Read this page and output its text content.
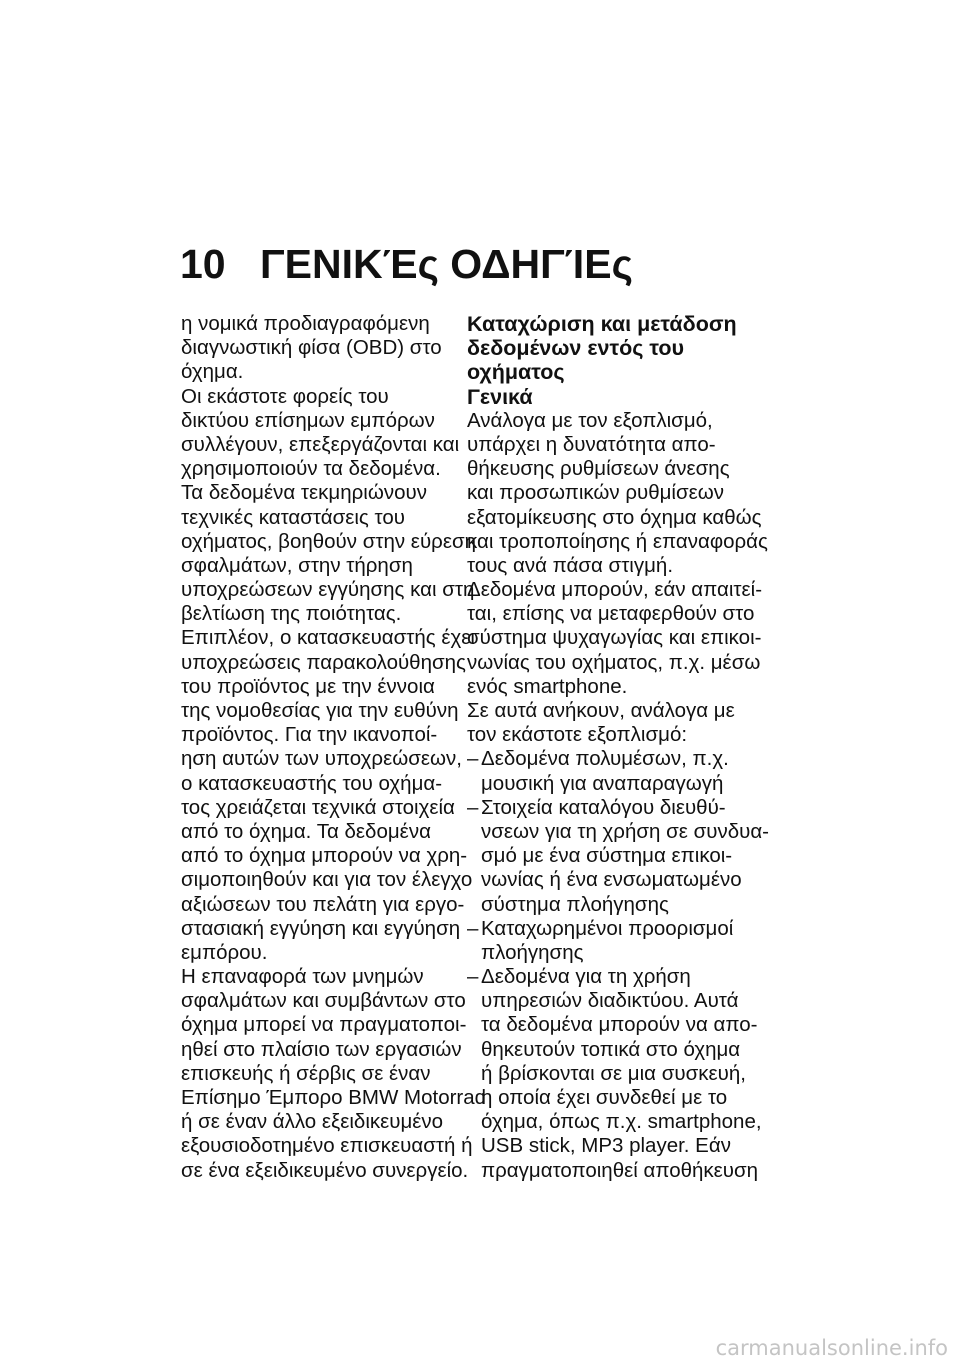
10 ΓΕΝΙΚΈς ΟΔΗΓΊΕς
η νομικά προδιαγραφόμενη
διαγνωστική φίσα (OBD) στο
όχημα.
Οι εκάστοτε φορείς του
δικτύου επίσημων εμπόρων
συλλέγουν, επεξεργάζονται και
χρησιμοποιούν τα δεδομένα.
Τα δεδομένα τεκμηριώνουν
τεχνικές καταστάσεις του
οχήματος, βοηθούν στην εύρεση
σφαλμάτων, στην τήρηση
υποχρεώσεων εγγύησης και στη
βελτίωση της ποιότητας.
Επιπλέον, ο κατασκευαστής έχει
υποχρεώσεις παρακολούθησης
του προϊόντος με την έννοια
της νομοθεσίας για την ευθύνη
προϊόντος. Για την ικανοποί-
ηση αυτών των υποχρεώσεων,
ο κατασκευαστής του οχήμα-
τος χρειάζεται τεχνικά στοιχεία
από το όχημα. Τα δεδομένα
από το όχημα μπορούν να χρη-
σιμοποιηθούν και για τον έλεγχο
αξιώσεων του πελάτη για εργο-
στασιακή εγγύηση και εγγύηση
εμπόρου.
Η επαναφορά των μνημών
σφαλμάτων και συμβάντων στο
όχημα μπορεί να πραγματοποι-
ηθεί στο πλαίσιο των εργασιών
επισκευής ή σέρβις σε έναν
Επίσημο Έμπορο BMW Motorrad
ή σε έναν άλλο εξειδικευμένο
εξουσιοδοτημένο επισκευαστή ή
σε ένα εξειδικευμένο συνεργείο.
Καταχώριση και μετάδοση
δεδομένων εντός του
οχήματος
Γενικά
Ανάλογα με τον εξοπλισμό,
υπάρχει η δυνατότητα απο-
θήκευσης ρυθμίσεων άνεσης
και προσωπικών ρυθμίσεων
εξατομίκευσης στο όχημα καθώς
και τροποποίησης ή επαναφοράς
τους ανά πάσα στιγμή.
Δεδομένα μπορούν, εάν απαιτεί-
ται, επίσης να μεταφερθούν στο
σύστημα ψυχαγωγίας και επικοι-
νωνίας του οχήματος, π.χ. μέσω
ενός smartphone.
Σε αυτά ανήκουν, ανάλογα με
τον εκάστοτε εξοπλισμό:
– Δεδομένα πολυμέσων, π.χ.
μουσική για αναπαραγωγή
– Στοιχεία καταλόγου διευθύ-
νσεων για τη χρήση σε συνδυα-
σμό με ένα σύστημα επικοι-
νωνίας ή ένα ενσωματωμένο
σύστημα πλοήγησης
– Καταχωρημένοι προορισμοί
πλοήγησης
– Δεδομένα για τη χρήση
υπηρεσιών διαδικτύου. Αυτά
τα δεδομένα μπορούν να απο-
θηκευτούν τοπικά στο όχημα
ή βρίσκονται σε μια συσκευή,
η οποία έχει συνδεθεί με το
όχημα, όπως π.χ. smartphone,
USB stick, MP3 player. Εάν
πραγματοποιηθεί αποθήκευση
carmanualsonline.info
